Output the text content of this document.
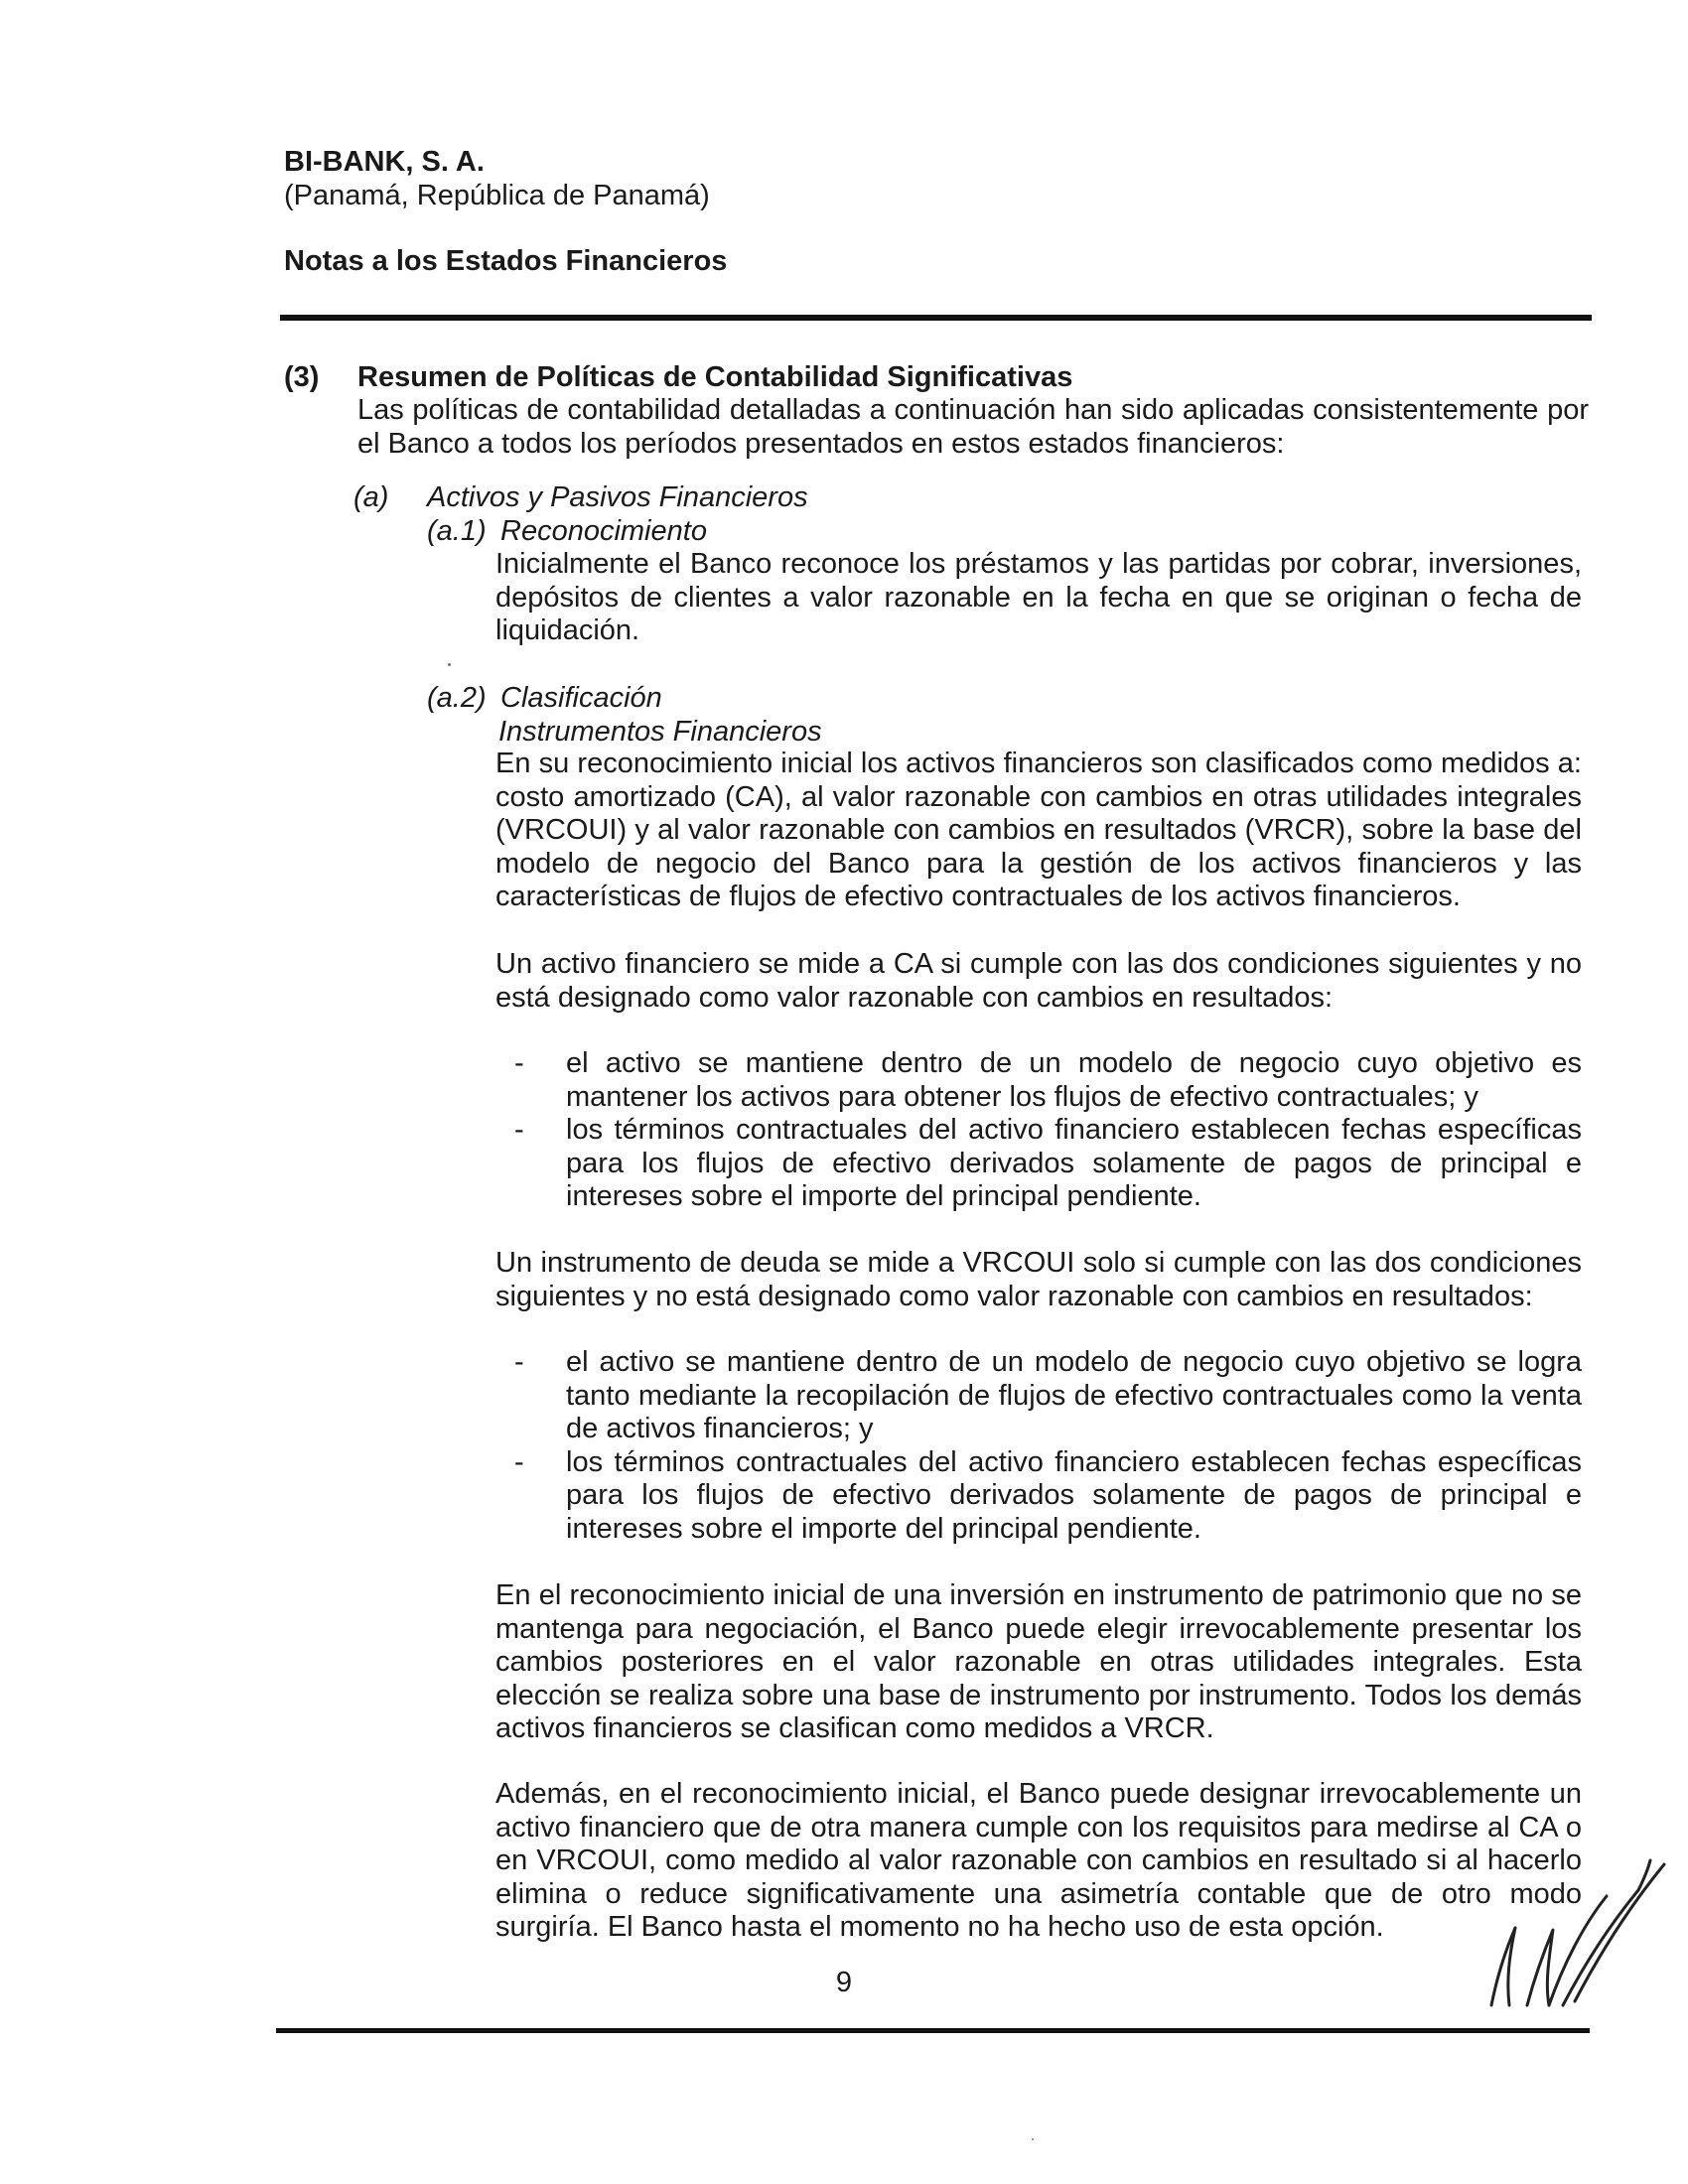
BI-BANK, S. A.
(Panamá, República de Panamá)
Notas a los Estados Financieros
(3) Resumen de Políticas de Contabilidad Significativas
Las políticas de contabilidad detalladas a continuación han sido aplicadas consistentemente por el Banco a todos los períodos presentados en estos estados financieros:
(a) Activos y Pasivos Financieros
(a.1) Reconocimiento
Inicialmente el Banco reconoce los préstamos y las partidas por cobrar, inversiones, depósitos de clientes a valor razonable en la fecha en que se originan o fecha de liquidación.
(a.2) Clasificación
Instrumentos Financieros
En su reconocimiento inicial los activos financieros son clasificados como medidos a: costo amortizado (CA), al valor razonable con cambios en otras utilidades integrales (VRCOUI) y al valor razonable con cambios en resultados (VRCR), sobre la base del modelo de negocio del Banco para la gestión de los activos financieros y las características de flujos de efectivo contractuales de los activos financieros.
Un activo financiero se mide a CA si cumple con las dos condiciones siguientes y no está designado como valor razonable con cambios en resultados:
- el activo se mantiene dentro de un modelo de negocio cuyo objetivo es mantener los activos para obtener los flujos de efectivo contractuales; y
- los términos contractuales del activo financiero establecen fechas específicas para los flujos de efectivo derivados solamente de pagos de principal e intereses sobre el importe del principal pendiente.
Un instrumento de deuda se mide a VRCOUI solo si cumple con las dos condiciones siguientes y no está designado como valor razonable con cambios en resultados:
- el activo se mantiene dentro de un modelo de negocio cuyo objetivo se logra tanto mediante la recopilación de flujos de efectivo contractuales como la venta de activos financieros; y
- los términos contractuales del activo financiero establecen fechas específicas para los flujos de efectivo derivados solamente de pagos de principal e intereses sobre el importe del principal pendiente.
En el reconocimiento inicial de una inversión en instrumento de patrimonio que no se mantenga para negociación, el Banco puede elegir irrevocablemente presentar los cambios posteriores en el valor razonable en otras utilidades integrales. Esta elección se realiza sobre una base de instrumento por instrumento. Todos los demás activos financieros se clasifican como medidos a VRCR.
Además, en el reconocimiento inicial, el Banco puede designar irrevocablemente un activo financiero que de otra manera cumple con los requisitos para medirse al CA o en VRCOUI, como medido al valor razonable con cambios en resultado si al hacerlo elimina o reduce significativamente una asimetría contable que de otro modo surgiría. El Banco hasta el momento no ha hecho uso de esta opción.
9
